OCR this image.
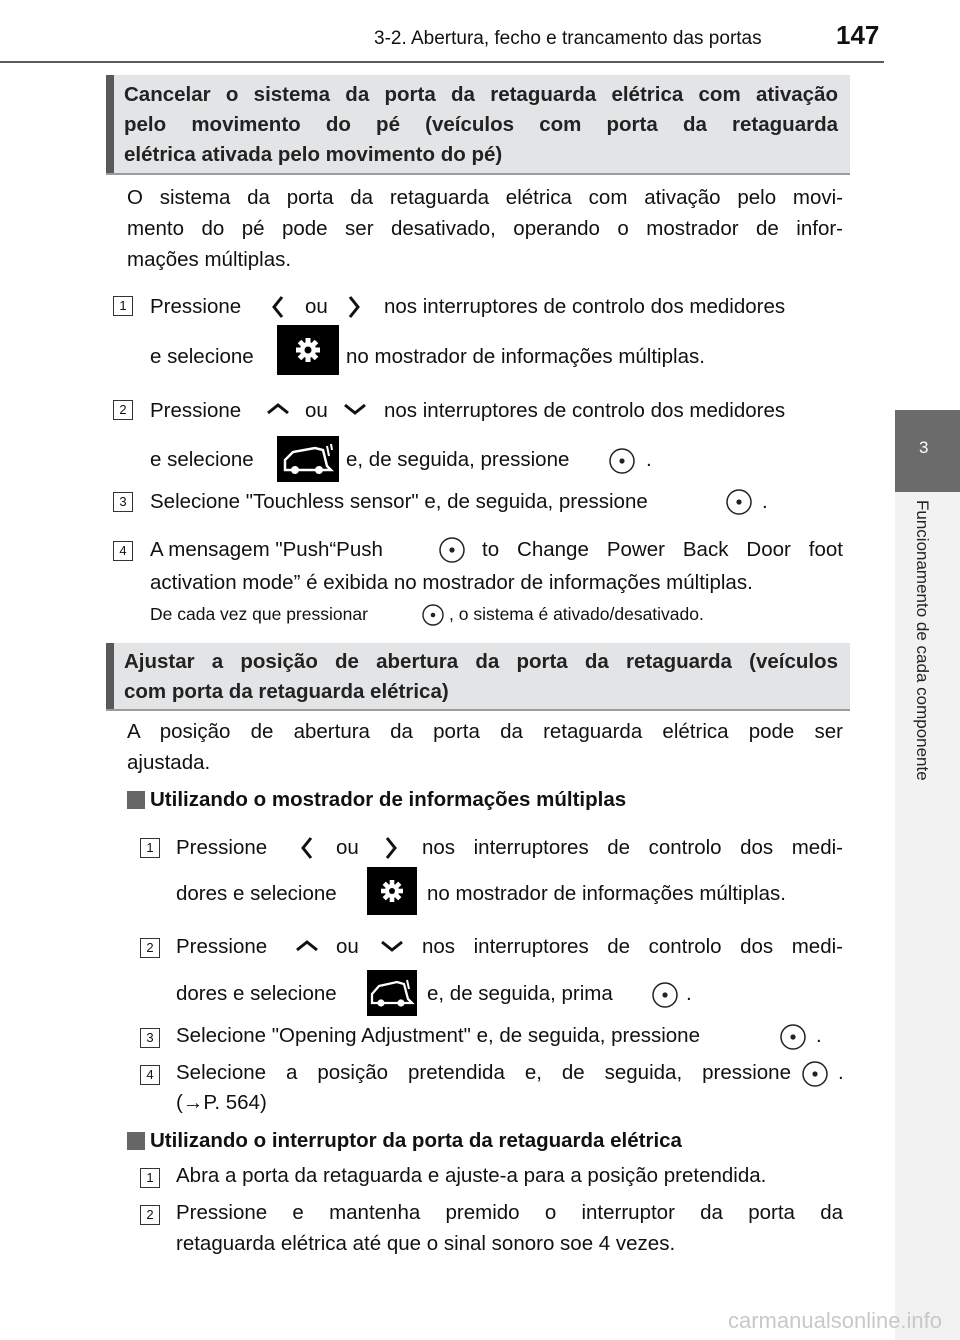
3-2. Abertura, fecho e trancamento das portas	147
3
Funcionamento de cada componente

Cancelar o sistema da porta da retaguarda elétrica com ativação

pelo movimento do pé (veículos com porta da retaguarda

elétrica ativada pelo movimento do pé)

O sistema da porta da retaguarda elétrica com ativação pelo movi-
mento do pé pode ser desativado, operando o mostrador de infor-
mações múltiplas.
1	Pressione	ou	nos interruptores de controlo dos medidores
e selecione	no mostrador de informações múltiplas.
2	Pressione	ou	nos interruptores de controlo dos medidores
e selecione	e, de seguida, pressione	.
3	Selecione "Touchless sensor" e, de seguida, pressione	.
4	A mensagem "Push“Push	to Change Power Back Door foot
activation mode” é exibida no mostrador de informações múltiplas.
De cada vez que pressionar	, o sistema é ativado/desativado.

Ajustar a posição de abertura da porta da retaguarda (veículos

com porta da retaguarda elétrica)

A posição de abertura da porta da retaguarda elétrica pode ser
ajustada.
Utilizando o mostrador de informações múltiplas
1	Pressione	ou	nos interruptores de controlo dos medi-
dores e selecione	no mostrador de informações múltiplas.
2	Pressione	ou	nos interruptores de controlo dos medi-
dores e selecione	e, de seguida, prima	.
3	Selecione "Opening Adjustment" e, de seguida, pressione	.
4	Selecione a posição pretendida e, de seguida, pressione .
(→P. 564)
Utilizando o interruptor da porta da retaguarda elétrica
1	Abra a porta da retaguarda e ajuste-a para a posição pretendida.
2	Pressione e mantenha premido o interruptor da porta da
retaguarda elétrica até que o sinal sonoro soe 4 vezes.
carmanualsonline.info
